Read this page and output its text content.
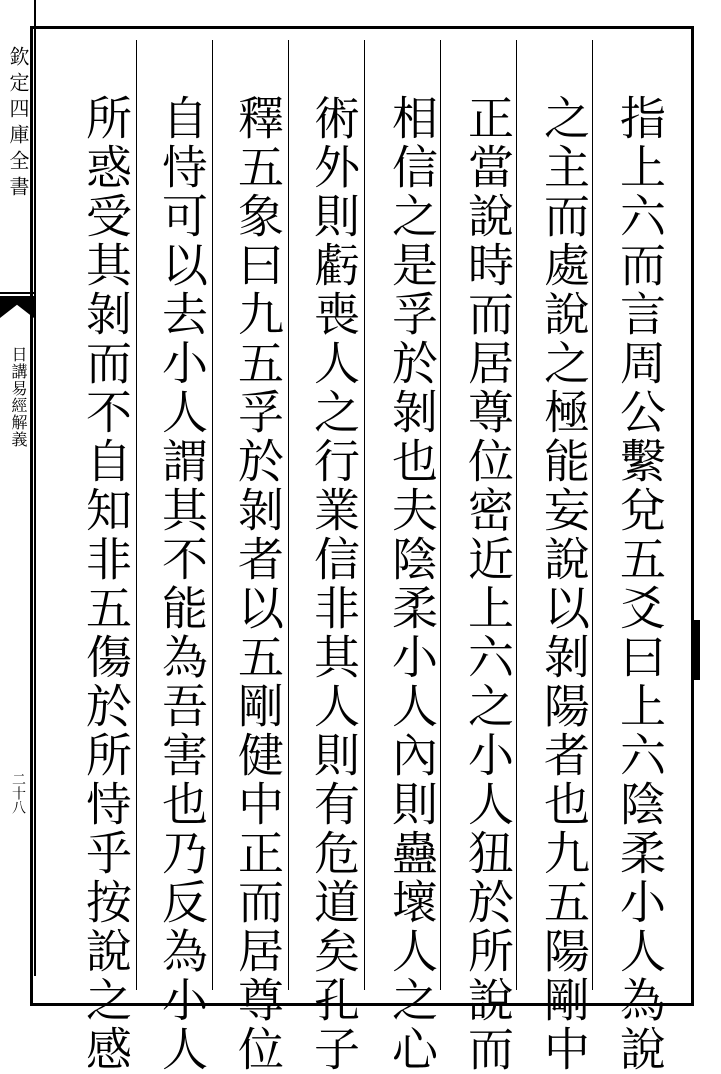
欽定四庫全書
日講易經解義
二十八	指上六而言周公繫兌五爻曰上六陰柔小人為說
之主而處說之極能妄說以剝陽者也九五陽剛中
正當說時而居尊位密近上六之小人狃於所說而
相信之是孚於剝也夫陰柔小人內則蠱壞人之心
術外則虧喪人之行業信非其人則有危道矣孔子
釋五象曰九五孚於剝者以五剛健中正而居尊位
自恃可以去小人謂其不能為吾害也乃反為小人
所惑受其剝而不自知非五傷於所恃乎按說之感
